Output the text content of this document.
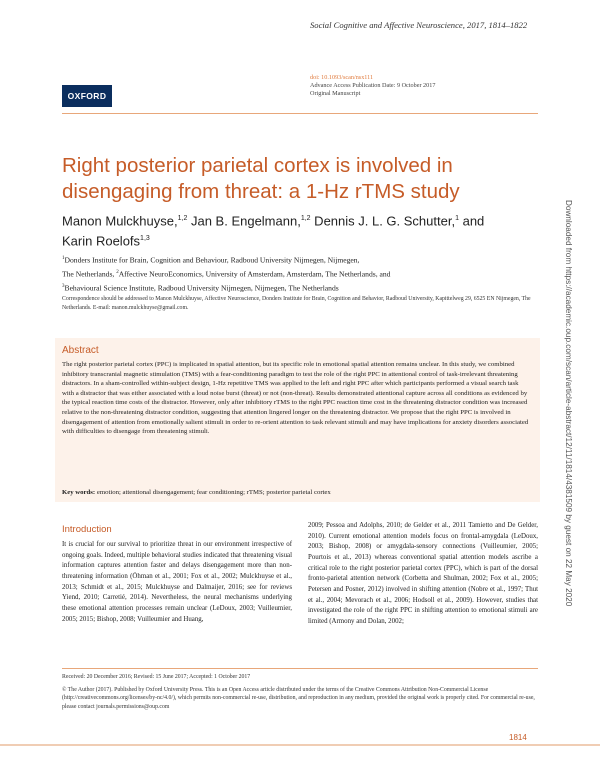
Social Cognitive and Affective Neuroscience, 2017, 1814–1822
doi: 10.1093/scan/nsx111
Advance Access Publication Date: 9 October 2017
Original Manuscript
OXFORD
Right posterior parietal cortex is involved in disengaging from threat: a 1-Hz rTMS study
Manon Mulckhuyse,$^{1,2}$ Jan B. Engelmann,$^{1,2}$ Dennis J. L. G. Schutter,$^1$ and
Karin Roelofs$^{1,3}$
$^1$Donders Institute for Brain, Cognition and Behaviour, Radboud University Nijmegen, Nijmegen,
The Netherlands, $^2$Affective NeuroEconomics, University of Amsterdam, Amsterdam, The Netherlands, and
$^3$Behavioural Science Institute, Radboud University Nijmegen, Nijmegen, The Netherlands
Correspondence should be addressed to Manon Mulckhuyse, Affective Neuroscience, Donders Institute for Brain, Cognition and Behavior, Radboud University, Kapittelweg 29, 6525 EN Nijmegen, The Netherlands. E-mail: manon.mulckhuyse@gmail.com.
Abstract
The right posterior parietal cortex (PPC) is implicated in spatial attention, but its specific role in emotional spatial attention remains unclear. In this study, we combined inhibitory transcranial magnetic stimulation (TMS) with a fear-conditioning paradigm to test the role of the right PPC in attentional control of task-irrelevant threatening distractors. In a sham-controlled within-subject design, 1-Hz repetitive TMS was applied to the left and right PPC after which participants performed a visual search task with a distractor that was either associated with a loud noise burst (threat) or not (non-threat). Results demonstrated attentional capture across all conditions as evidenced by the typical reaction time costs of the distractor. However, only after inhibitory rTMS to the right PPC reaction time cost in the threatening distractor condition was increased relative to the non-threatening distractor condition, suggesting that attention lingered longer on the threatening distractor. We propose that the right PPC is involved in disengagement of attention from emotionally salient stimuli in order to re-orient attention to task relevant stimuli and may have implications for anxiety disorders associated with difficulties to disengage from threatening stimuli.
Key words: emotion; attentional disengagement; fear conditioning; rTMS; posterior parietal cortex
Introduction
It is crucial for our survival to prioritize threat in our environment irrespective of ongoing goals. Indeed, multiple behavioral studies indicated that threatening visual information captures attention faster and delays disengagement more than non-threatening information (Öhman et al., 2001; Fox et al., 2002; Mulckhuyse et al., 2013; Schmidt et al., 2015; Mulckhuyse and Dalmaijer, 2016; see for reviews Yiend, 2010; Carretié, 2014). Nevertheless, the neural mechanisms underlying these emotional attention processes remain unclear (LeDoux, 2003; Vuilleumier, 2005; 2015; Bishop, 2008; Vuilleumier and Huang,
2009; Pessoa and Adolphs, 2010; de Gelder et al., 2011 Tamietto and De Gelder, 2010). Current emotional attention models focus on frontal-amygdala (LeDoux, 2003; Bishop, 2008) or amygdala-sensory connections (Vuilleumier, 2005; Pourtois et al., 2013) whereas conventional spatial attention models ascribe a critical role to the right posterior parietal cortex (PPC), which is part of the dorsal fronto-parietal attention network (Corbetta and Shulman, 2002; Fox et al., 2005; Petersen and Posner, 2012) involved in shifting attention (Nobre et al., 1997; Thut et al., 2004; Mevorach et al., 2006; Hodsoll et al., 2009). However, studies that investigated the role of the right PPC in shifting attention to emotional stimuli are limited (Armony and Dolan, 2002;
Received: 20 December 2016; Revised: 15 June 2017; Accepted: 1 October 2017
© The Author (2017). Published by Oxford University Press. This is an Open Access article distributed under the terms of the Creative Commons Attribution Non-Commercial License (http://creativecommons.org/licenses/by-nc/4.0/), which permits non-commercial re-use, distribution, and reproduction in any medium, provided the original work is properly cited. For commercial re-use, please contact journals.permissions@oup.com
1814
Downloaded from https://academic.oup.com/scan/article-abstract/12/11/1814/4381509 by guest on 22 May 2020
